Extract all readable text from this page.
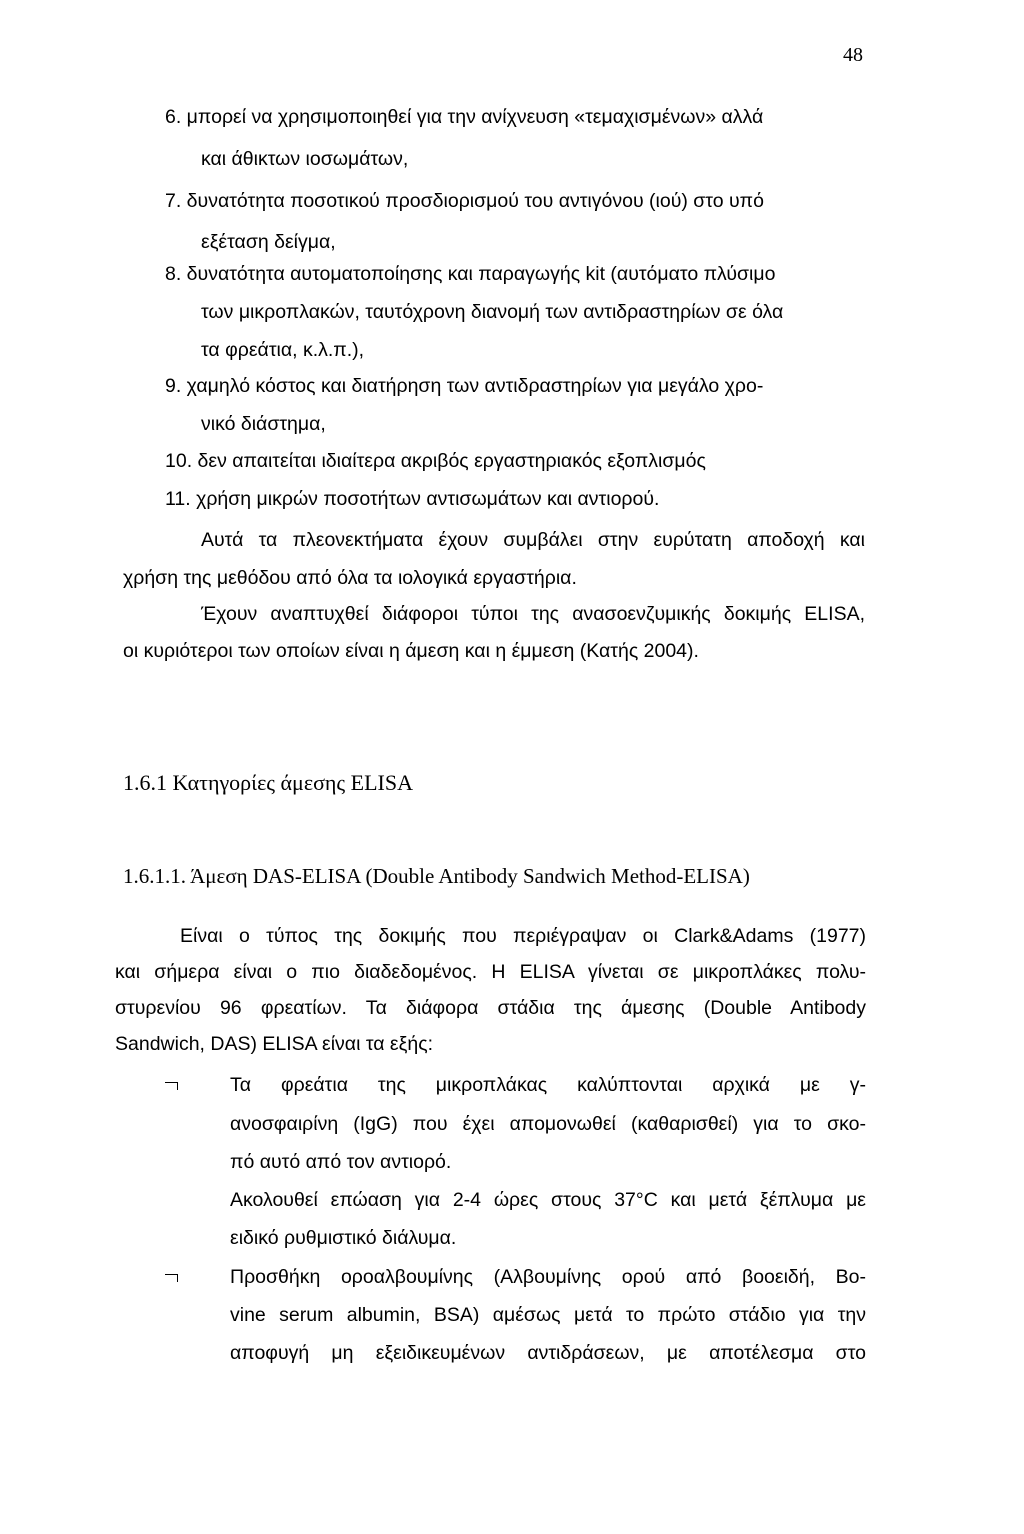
48
6. μπορεί να χρησιμοποιηθεί για την ανίχνευση «τεμαχισμένων» αλλά
και άθικτων ιοσωμάτων,
7. δυνατότητα ποσοτικού προσδιορισμού του αντιγόνου (ιού) στο υπό
εξέταση δείγμα,
8. δυνατότητα αυτοματοποίησης και παραγωγής kit (αυτόματο πλύσιμο
των μικροπλακών, ταυτόχρονη διανομή των αντιδραστηρίων σε όλα
τα φρεάτια, κ.λ.π.),
9. χαμηλό κόστος και διατήρηση των αντιδραστηρίων για μεγάλο χρο-
νικό διάστημα,
10. δεν απαιτείται ιδιαίτερα ακριβός εργαστηριακός εξοπλισμός
11. χρήση μικρών ποσοτήτων αντισωμάτων και αντιορού.
Αυτά τα πλεονεκτήματα έχουν συμβάλει στην ευρύτατη αποδοχή και
χρήση της μεθόδου από όλα τα ιολογικά εργαστήρια.
Έχουν αναπτυχθεί διάφοροι τύποι της ανασοενζυμικής δοκιμής ELISA,
οι κυριότεροι των οποίων είναι η άμεση και η έμμεση (Κατής 2004).
1.6.1 Κατηγορίες άμεσης ELISA
1.6.1.1. Άμεση DAS-ELISA (Double Antibody Sandwich Method-ELISA)
Είναι ο τύπος της δοκιμής που περιέγραψαν οι Clark&Adams (1977)
και σήμερα είναι ο πιο διαδεδομένος. Η ELISA γίνεται σε μικροπλάκες πολυ-
στυρενίου 96 φρεατίων. Τα διάφορα στάδια της άμεσης (Double Antibody
Sandwich, DAS) ELISA είναι τα εξής:
Τα φρεάτια της μικροπλάκας καλύπτονται αρχικά με γ-
ανοσφαιρίνη (IgG) που έχει απομονωθεί (καθαρισθεί) για το σκο-
πό αυτό από τον αντιορό.
Ακολουθεί επώαση για 2-4 ώρες στους 37°C και μετά ξέπλυμα με
ειδικό ρυθμιστικό διάλυμα.
Προσθήκη οροαλβουμίνης (Αλβουμίνης ορού από βοοειδή, Bo-
vine serum albumin, BSA) αμέσως μετά το πρώτο στάδιο για την
αποφυγή μη εξειδικευμένων αντιδράσεων, με αποτέλεσμα στο
